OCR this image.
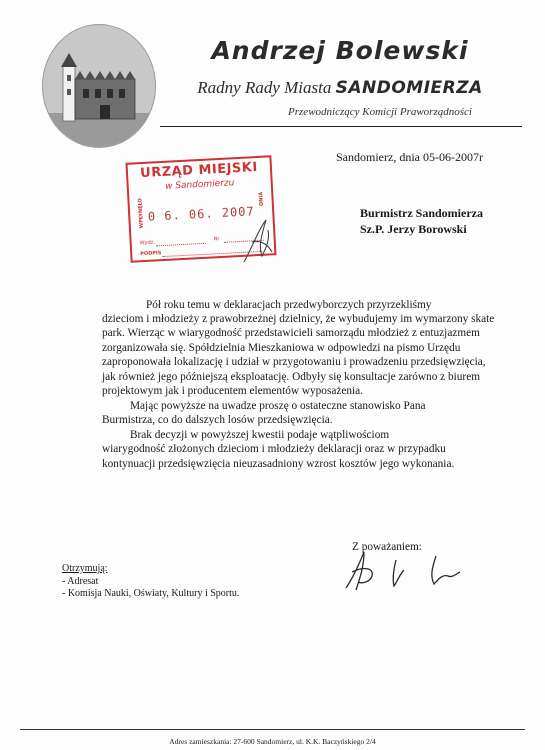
Andrzej Bolewski
Radny Rady Miasta SANDOMIERZA
Przewodniczący Komicji Praworządności
Sandomierz, dnia 05-06-2007r
URZĄD MIEJSKI
w Sandomierzu
WPŁYNĘŁO	DNIA
0 6. 06. 2007
Wydz.
Nr
PODPIS
Burmistrz Sandomierza
Sz.P. Jerzy Borowski
Pół roku temu w deklaracjach przedwyborczych przyrzekliśmy
dzieciom i młodzieży z prawobrzeżnej dzielnicy, że wybudujemy im wymarzony skate
park. Wierząc w wiarygodność przedstawicieli samorządu młodzież z entuzjazmem
zorganizowała się. Spółdzielnia Mieszkaniowa w odpowiedzi na pismo Urzędu
zaproponowała lokalizację i udział w przygotowaniu i prowadzeniu przedsięwzięcia,
jak również jego późniejszą eksploatację. Odbyły się konsultacje zarówno z biurem
projektowym jak i producentem elementów wyposażenia.
Mając powyższe na uwadze proszę o ostateczne stanowisko Pana
Burmistrza, co do dalszych losów przedsięwzięcia.
Brak decyzji w powyższej kwestii podaje wątpliwościom
wiarygodność złożonych dzieciom i młodzieży deklaracji oraz w przypadku
kontynuacji przedsięwzięcia nieuzasadniony wzrost kosztów jego wykonania.
Z poważaniem:
Otrzymują:
- Adresat
- Komisja Nauki, Oświaty, Kultury i Sportu.
Adres zamieszkania: 27-600 Sandomierz, ul. K.K. Baczyńskiego 2/4
